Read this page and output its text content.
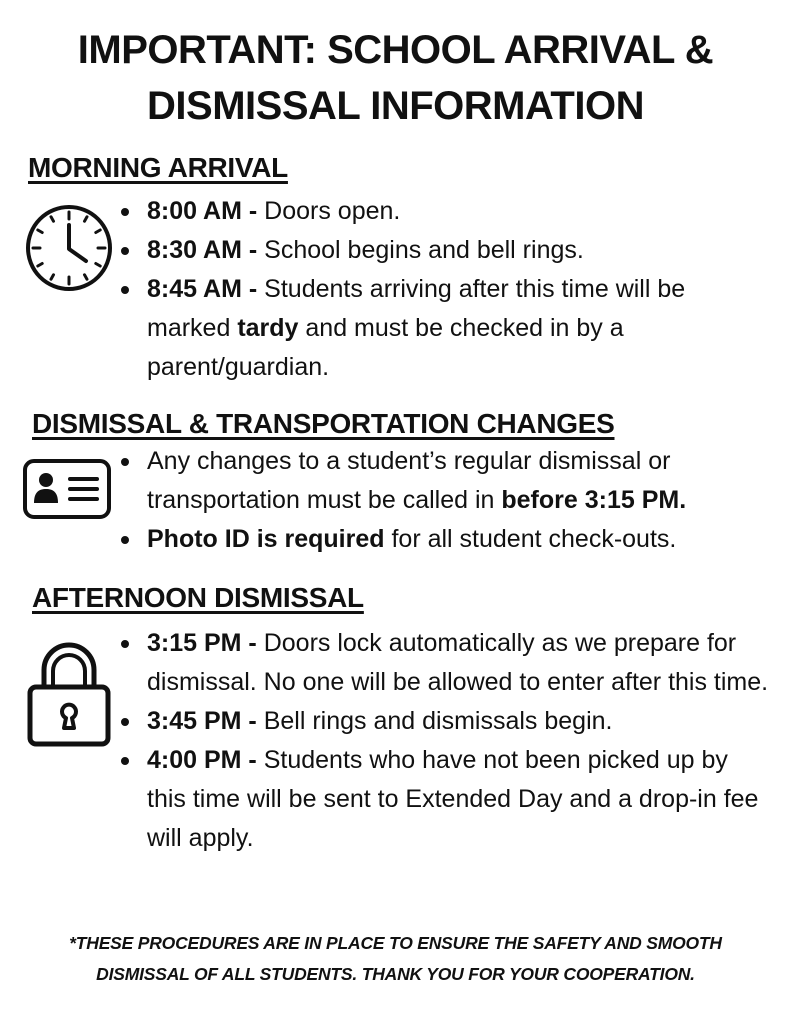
IMPORTANT: SCHOOL ARRIVAL &
DISMISSAL INFORMATION
MORNING ARRIVAL
8:00 AM - Doors open.
8:30 AM - School begins and bell rings.
8:45 AM - Students arriving after this time will be marked tardy and must be checked in by a parent/guardian.
DISMISSAL & TRANSPORTATION CHANGES
Any changes to a student’s regular dismissal or transportation must be called in before 3:15 PM.
Photo ID is required for all student check-outs.
AFTERNOON DISMISSAL
3:15 PM - Doors lock automatically as we prepare for dismissal. No one will be allowed to enter after this time.
3:45 PM - Bell rings and dismissals begin.
4:00 PM - Students who have not been picked up by this time will be sent to Extended Day and a drop-in fee will apply.
*THESE PROCEDURES ARE IN PLACE TO ENSURE THE SAFETY AND SMOOTH
DISMISSAL OF ALL STUDENTS. THANK YOU FOR YOUR COOPERATION.
